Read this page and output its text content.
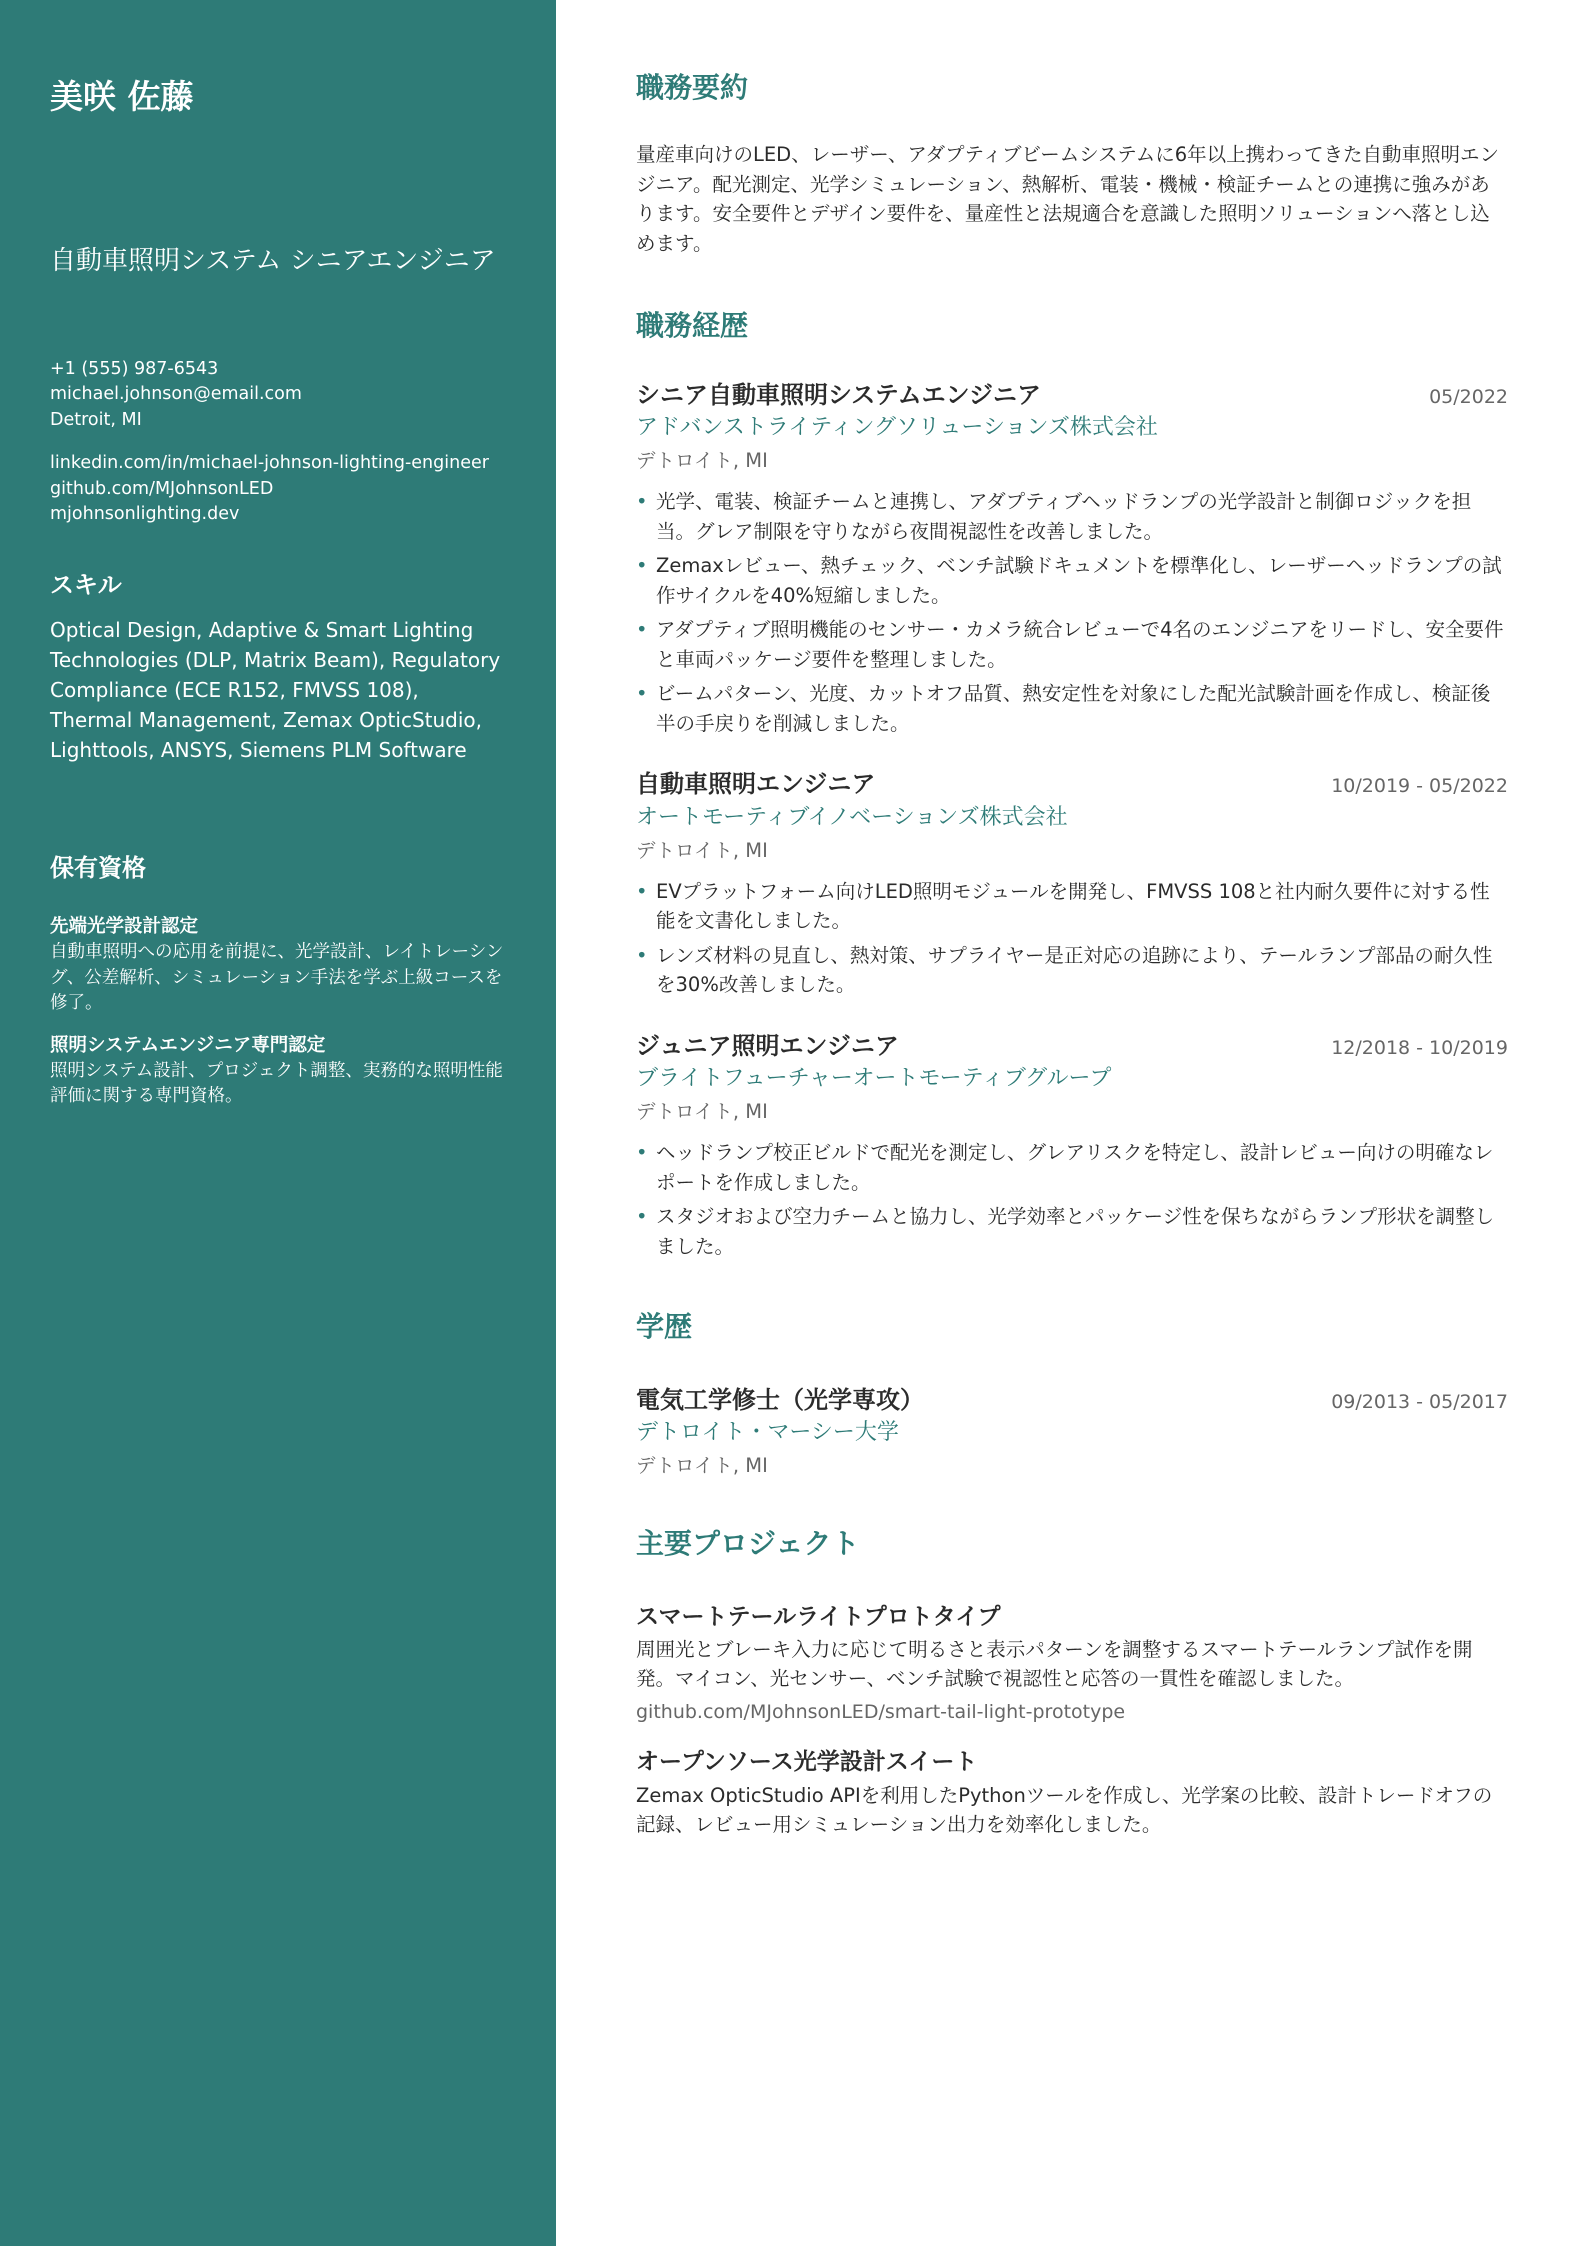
美咲 佐藤
自動車照明システム シニアエンジニア
+1 (555) 987-6543
michael.johnson@email.com
Detroit, MI
linkedin.com/in/michael-johnson-lighting-engineer
github.com/MJohnsonLED
mjohnsonlighting.dev
スキル
Optical Design, Adaptive & Smart Lighting Technologies (DLP, Matrix Beam), Regulatory Compliance (ECE R152, FMVSS 108), Thermal Management, Zemax OpticStudio, Lighttools, ANSYS, Siemens PLM Software
保有資格
先端光学設計認定
自動車照明への応用を前提に、光学設計、レイトレーシング、公差解析、シミュレーション手法を学ぶ上級コースを修了。
照明システムエンジニア専門認定
照明システム設計、プロジェクト調整、実務的な照明性能評価に関する専門資格。
職務要約
量産車向けのLED、レーザー、アダプティブビームシステムに6年以上携わってきた自動車照明エンジニア。配光測定、光学シミュレーション、熱解析、電装・機械・検証チームとの連携に強みがあります。安全要件とデザイン要件を、量産性と法規適合を意識した照明ソリューションへ落とし込めます。
職務経歴
シニア自動車照明システムエンジニア	05/2022
アドバンストライティングソリューションズ株式会社
デトロイト, MI
• 光学、電装、検証チームと連携し、アダプティブヘッドランプの光学設計と制御ロジックを担当。グレア制限を守りながら夜間視認性を改善しました。
• Zemaxレビュー、熱チェック、ベンチ試験ドキュメントを標準化し、レーザーヘッドランプの試作サイクルを40%短縮しました。
• アダプティブ照明機能のセンサー・カメラ統合レビューで4名のエンジニアをリードし、安全要件と車両パッケージ要件を整理しました。
• ビームパターン、光度、カットオフ品質、熱安定性を対象にした配光試験計画を作成し、検証後半の手戻りを削減しました。
自動車照明エンジニア	10/2019 - 05/2022
オートモーティブイノベーションズ株式会社
デトロイト, MI
• EVプラットフォーム向けLED照明モジュールを開発し、FMVSS 108と社内耐久要件に対する性能を文書化しました。
• レンズ材料の見直し、熱対策、サプライヤー是正対応の追跡により、テールランプ部品の耐久性を30%改善しました。
ジュニア照明エンジニア	12/2018 - 10/2019
ブライトフューチャーオートモーティブグループ
デトロイト, MI
• ヘッドランプ校正ビルドで配光を測定し、グレアリスクを特定し、設計レビュー向けの明確なレポートを作成しました。
• スタジオおよび空力チームと協力し、光学効率とパッケージ性を保ちながらランプ形状を調整しました。
学歴
電気工学修士（光学専攻）	09/2013 - 05/2017
デトロイト・マーシー大学
デトロイト, MI
主要プロジェクト
スマートテールライトプロトタイプ
周囲光とブレーキ入力に応じて明るさと表示パターンを調整するスマートテールランプ試作を開発。マイコン、光センサー、ベンチ試験で視認性と応答の一貫性を確認しました。
github.com/MJohnsonLED/smart-tail-light-prototype
オープンソース光学設計スイート
Zemax OpticStudio APIを利用したPythonツールを作成し、光学案の比較、設計トレードオフの記録、レビュー用シミュレーション出力を効率化しました。
